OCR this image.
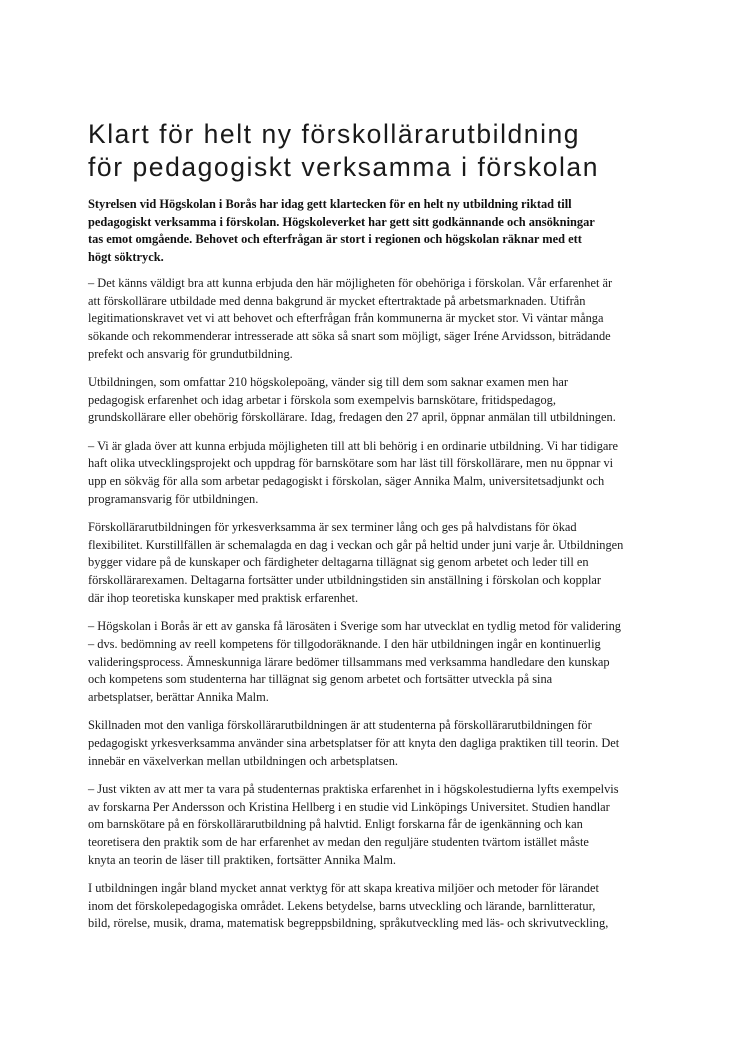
Klart för helt ny förskollärarutbildning
för pedagogiskt verksamma i förskolan

Styrelsen vid Högskolan i Borås har idag gett klartecken för en helt ny utbildning riktad till
pedagogiskt verksamma i förskolan. Högskoleverket har gett sitt godkännande och ansökningar
tas emot omgående. Behovet och efterfrågan är stort i regionen och högskolan räknar med ett
högt söktryck.

– Det känns väldigt bra att kunna erbjuda den här möjligheten för obehöriga i förskolan. Vår erfarenhet är
att förskollärare utbildade med denna bakgrund är mycket eftertraktade på arbetsmarknaden. Utifrån
legitimationskravet vet vi att behovet och efterfrågan från kommunerna är mycket stor. Vi väntar många
sökande och rekommenderar intresserade att söka så snart som möjligt, säger Iréne Arvidsson, biträdande
prefekt och ansvarig för grundutbildning.

Utbildningen, som omfattar 210 högskolepoäng, vänder sig till dem som saknar examen men har
pedagogisk erfarenhet och idag arbetar i förskola som exempelvis barnskötare, fritidspedagog,
grundskollärare eller obehörig förskollärare. Idag, fredagen den 27 april, öppnar anmälan till utbildningen.

– Vi är glada över att kunna erbjuda möjligheten till att bli behörig i en ordinarie utbildning. Vi har tidigare
haft olika utvecklingsprojekt och uppdrag för barnskötare som har läst till förskollärare, men nu öppnar vi
upp en sökväg för alla som arbetar pedagogiskt i förskolan, säger Annika Malm, universitetsadjunkt och
programansvarig för utbildningen.

Förskollärarutbildningen för yrkesverksamma är sex terminer lång och ges på halvdistans för ökad
flexibilitet. Kurstillfällen är schemalagda en dag i veckan och går på heltid under juni varje år. Utbildningen
bygger vidare på de kunskaper och färdigheter deltagarna tillägnat sig genom arbetet och leder till en
förskollärarexamen. Deltagarna fortsätter under utbildningstiden sin anställning i förskolan och kopplar
där ihop teoretiska kunskaper med praktisk erfarenhet.

– Högskolan i Borås är ett av ganska få lärosäten i Sverige som har utvecklat en tydlig metod för validering
– dvs. bedömning av reell kompetens för tillgodoräknande. I den här utbildningen ingår en kontinuerlig
valideringsprocess. Ämneskunniga lärare bedömer tillsammans med verksamma handledare den kunskap
och kompetens som studenterna har tillägnat sig genom arbetet och fortsätter utveckla på sina
arbetsplatser, berättar Annika Malm.

Skillnaden mot den vanliga förskollärarutbildningen är att studenterna på förskollärarutbildningen för
pedagogiskt yrkesverksamma använder sina arbetsplatser för att knyta den dagliga praktiken till teorin. Det
innebär en växelverkan mellan utbildningen och arbetsplatsen.

– Just vikten av att mer ta vara på studenternas praktiska erfarenhet in i högskolestudierna lyfts exempelvis
av forskarna Per Andersson och Kristina Hellberg i en studie vid Linköpings Universitet. Studien handlar
om barnskötare på en förskollärarutbildning på halvtid. Enligt forskarna får de igenkänning och kan
teoretisera den praktik som de har erfarenhet av medan den reguljäre studenten tvärtom istället måste
knyta an teorin de läser till praktiken, fortsätter Annika Malm.

I utbildningen ingår bland mycket annat verktyg för att skapa kreativa miljöer och metoder för lärandet
inom det förskolepedagogiska området. Lekens betydelse, barns utveckling och lärande, barnlitteratur,
bild, rörelse, musik, drama, matematisk begreppsbildning, språkutveckling med läs- och skrivutveckling,
